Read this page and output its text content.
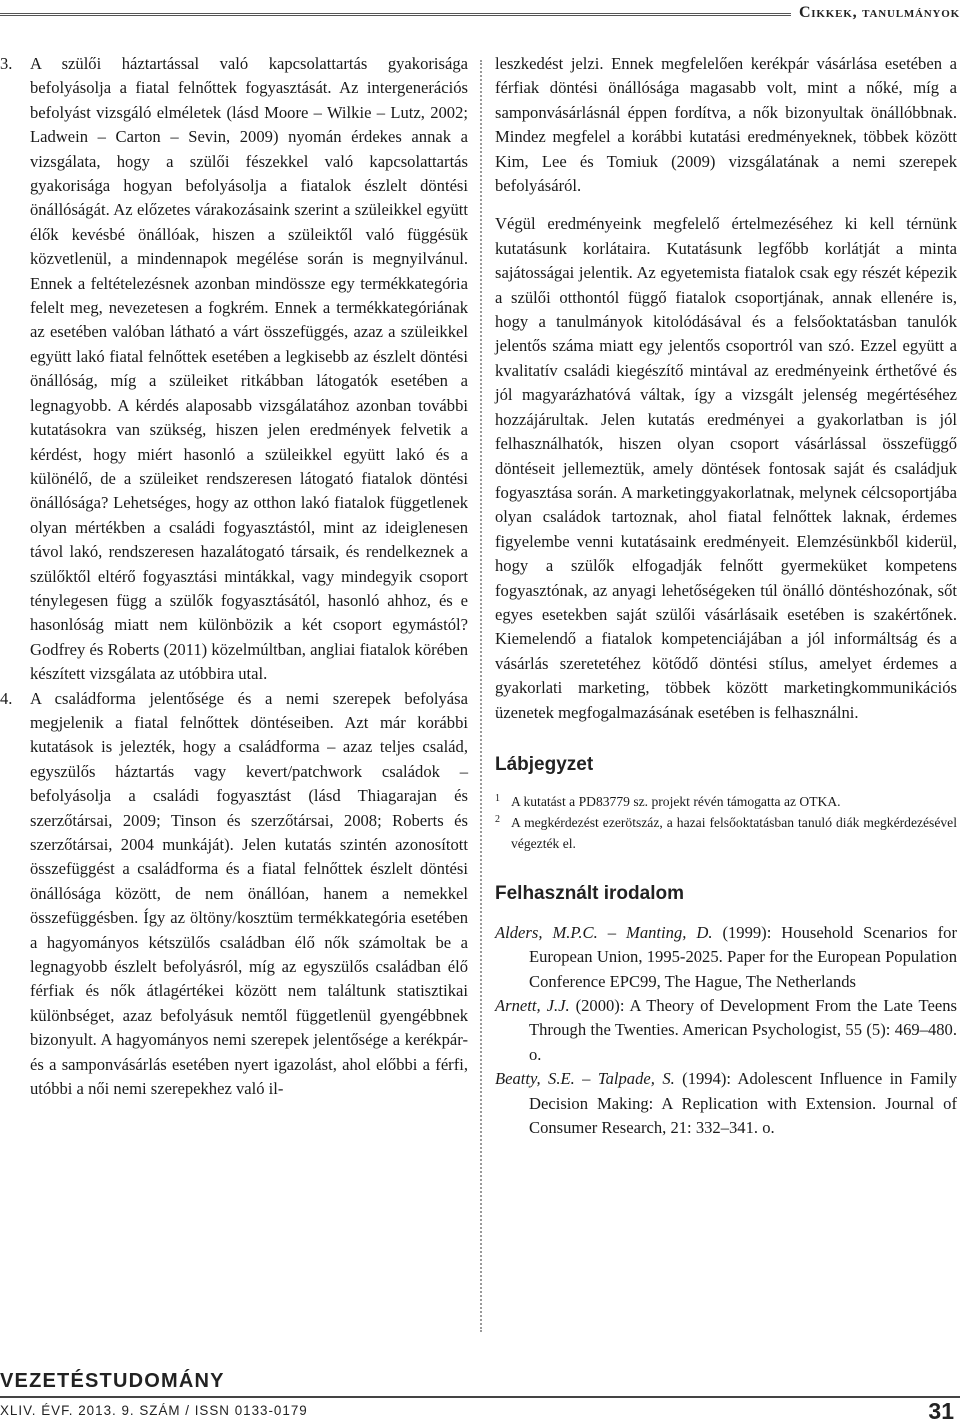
Cikkek, tanulmányok
3. A szülői háztartással való kapcsolattartás gyakorisága befolyásolja a fiatal felnőttek fogyasztását. Az intergenerációs befolyást vizsgáló elméletek (lásd Moore – Wilkie – Lutz, 2002; Ladwein – Carton – Sevin, 2009) nyomán érdekes annak a vizsgálata, hogy a szülői fészekkel való kapcsolattartás gyakorisága hogyan befolyásolja a fiatalok észlelt döntési önállóságát. Az előzetes várakozásaink szerint a szüleikkel együtt élők kevésbé önállóak, hiszen a szüleiktől való függésük közvetlenül, a mindennapok megélése során is megnyilvánul. Ennek a feltételezésnek azonban mindössze egy termékkategória felelt meg, nevezetesen a fogkrém. Ennek a termékkategóriának az esetében valóban látható a várt összefüggés, azaz a szüleikkel együtt lakó fiatal felnőttek esetében a legkisebb az észlelt döntési önállóság, míg a szüleiket ritkábban látogatók esetében a legnagyobb. A kérdés alaposabb vizsgálatához azonban további kutatásokra van szükség, hiszen jelen eredmények felvetik a kérdést, hogy miért hasonló a szüleikkel együtt lakó és a különélő, de a szüleiket rendszeresen látogató fiatalok döntési önállósága? Lehetséges, hogy az otthon lakó fiatalok függetlenek olyan mértékben a családi fogyasztástól, mint az ideiglenesen távol lakó, rendszeresen hazalátogató társaik, és rendelkeznek a szülőktől eltérő fogyasztási mintákkal, vagy mindegyik csoport ténylegesen függ a szülők fogyasztásától, hasonló ahhoz, és e hasonlóság miatt nem különbözik a két csoport egymástól? Godfrey és Roberts (2011) közelmúltban, angliai fiatalok körében készített vizsgálata az utóbbira utal.
4. A családforma jelentősége és a nemi szerepek befolyása megjelenik a fiatal felnőttek döntéseiben. Azt már korábbi kutatások is jelezték, hogy a családforma – azaz teljes család, egyszülős háztartás vagy kevert/patchwork családok – befolyásolja a családi fogyasztást (lásd Thiagarajan és szerzőtársai, 2009; Tinson és szerzőtársai, 2008; Roberts és szerzőtársai, 2004 munkáját). Jelen kutatás szintén azonosított összefüggést a családforma és a fiatal felnőttek észlelt döntési önállósága között, de nem önállóan, hanem a nemekkel összefüggésben. Így az öltöny/kosztüm termékkategória esetében a hagyományos kétszülős családban élő nők számoltak be a legnagyobb észlelt befolyásról, míg az egyszülős családban élő férfiak és nők átlagértékei között nem találtunk statisztikai különbséget, azaz befolyásuk nemtől függetlenül gyengébbnek bizonyult. A hagyományos nemi szerepek jelentősége a kerékpár- és a samponvásárlás esetében nyert igazolást, ahol előbbi a férfi, utóbbi a női nemi szerepekhez való il-

leszkedést jelzi. Ennek megfelelően kerékpár vásárlása esetében a férfiak döntési önállósága magasabb volt, mint a nőké, míg a samponvásárlásnál éppen fordítva, a nők bizonyultak önállóbbnak. Mindez megfelel a korábbi kutatási eredményeknek, többek között Kim, Lee és Tomiuk (2009) vizsgálatának a nemi szerepek befolyásáról.

Végül eredményeink megfelelő értelmezéséhez ki kell térnünk kutatásunk korlátaira. Kutatásunk legfőbb korlátját a minta sajátosságai jelentik. Az egyetemista fiatalok csak egy részét képezik a szülői otthontól függő fiatalok csoportjának, annak ellenére is, hogy a tanulmányok kitolódásával és a felsőoktatásban tanulók jelentős száma miatt egy jelentős csoportról van szó. Ezzel együtt a kvalitatív családi kiegészítő mintával az eredményeink érthetővé és jól magyarázhatóvá váltak, így a vizsgált jelenség megértéséhez hozzájárultak. Jelen kutatás eredményei a gyakorlatban is jól felhasználhatók, hiszen olyan csoport vásárlással összefüggő döntéseit jellemeztük, amely döntések fontosak saját és családjuk fogyasztása során. A marketinggyakorlatnak, melynek célcsoportjába olyan családok tartoznak, ahol fiatal felnőttek laknak, érdemes figyelembe venni kutatásaink eredményeit. Elemzésünkből kiderül, hogy a szülők elfogadják felnőtt gyermeküket kompetens fogyasztónak, az anyagi lehetőségeken túl önálló döntéshozónak, sőt egyes esetekben saját szülői vásárlásaik esetében is szakértőnek. Kiemelendő a fiatalok kompetenciájában a jól informáltság és a vásárlás szeretetéhez kötődő döntési stílus, amelyet érdemes a gyakorlati marketing, többek között marketingkommunikációs üzenetek megfogalmazásának esetében is felhasználni.

Lábjegyzet
1 A kutatást a PD83779 sz. projekt révén támogatta az OTKA.
2 A megkérdezést ezerötszáz, a hazai felsőoktatásban tanuló diák megkérdezésével végezték el.
Felhasznált irodalom
Alders, M.P.C. – Manting, D. (1999): Household Scenarios for European Union, 1995-2025. Paper for the European Population Conference EPC99, The Hague, The Netherlands
Arnett, J.J. (2000): A Theory of Development From the Late Teens Through the Twenties. American Psychologist, 55 (5): 469–480. o.
Beatty, S.E. – Talpade, S. (1994): Adolescent Influence in Family Decision Making: A Replication with Extension. Journal of Consumer Research, 21: 332–341. o.
VEZETÉSTUDOMÁNY
XLIV. ÉVF. 2013. 9. SZÁM / ISSN 0133-0179	31
